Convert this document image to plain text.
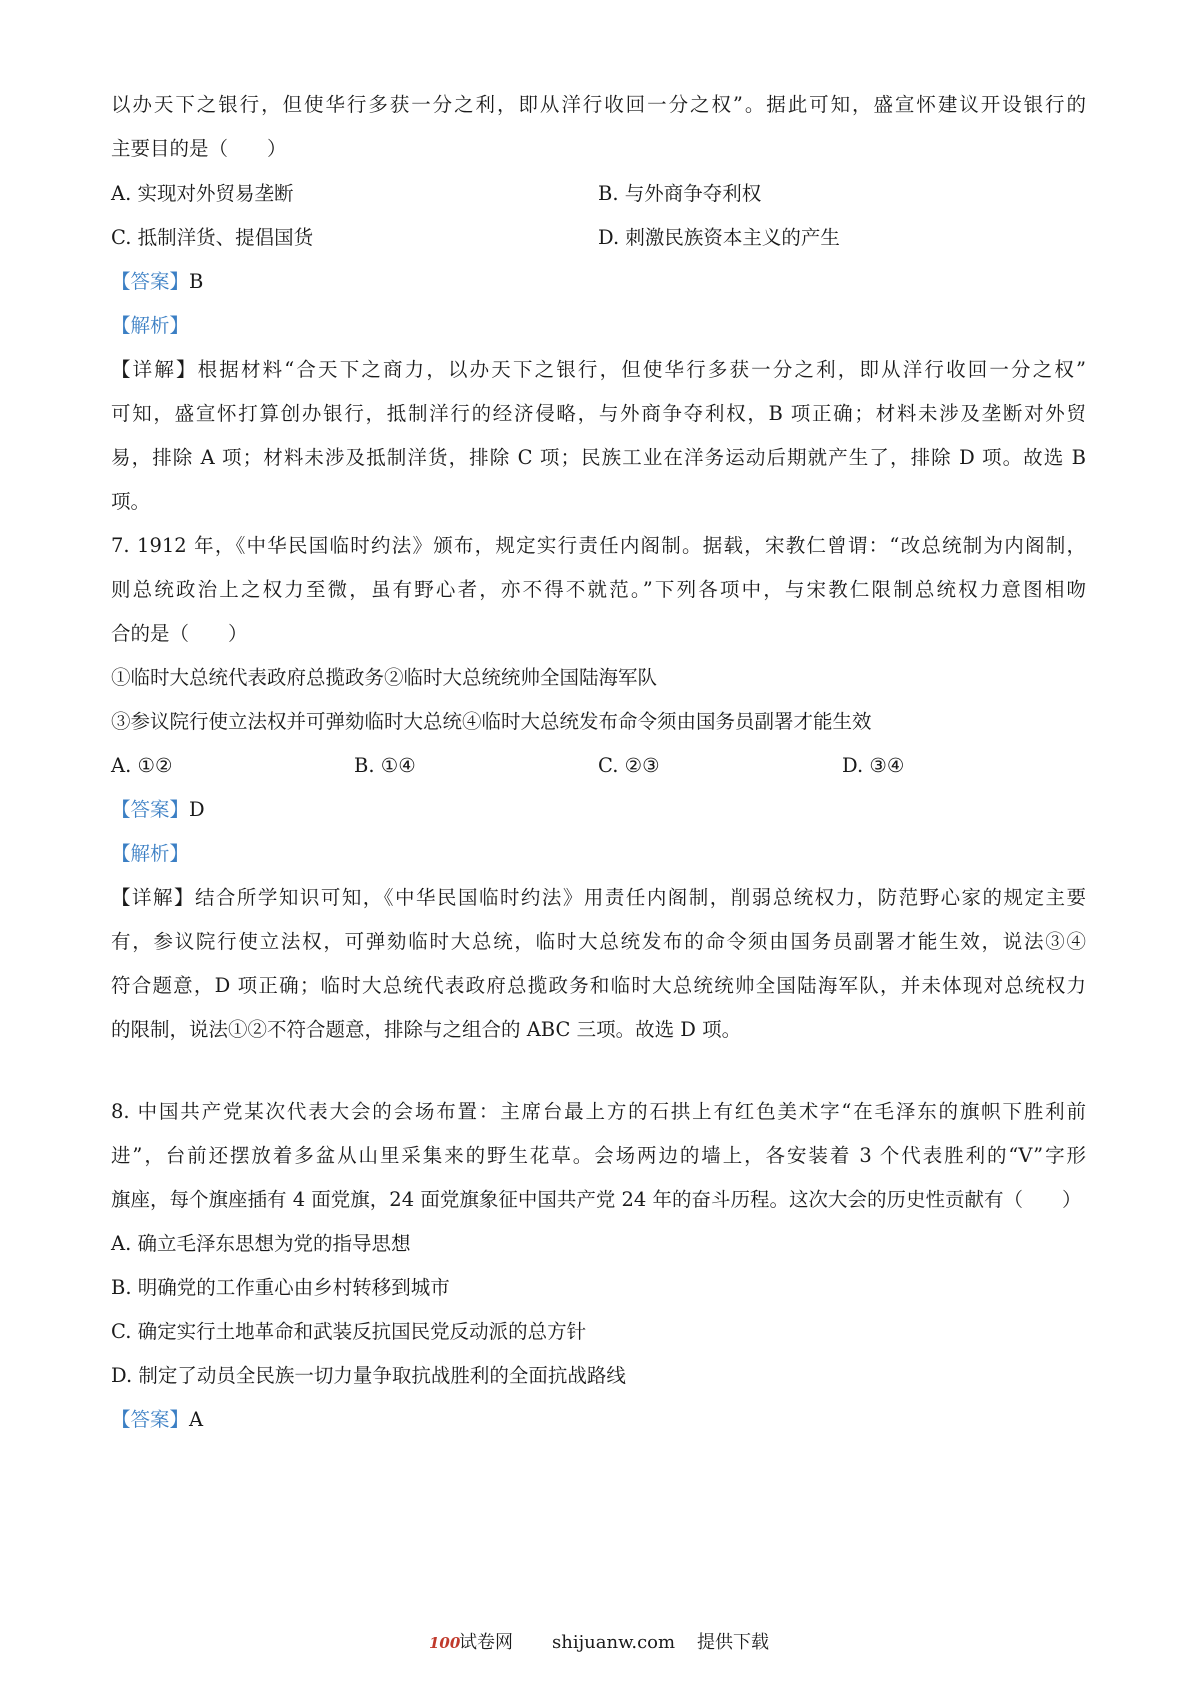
以办天下之银行，但使华行多获一分之利，即从洋行收回一分之权”。据此可知，盛宣怀建议开设银行的
主要目的是（　　）
A. 实现对外贸易垄断	B. 与外商争夺利权
C. 抵制洋货、提倡国货	D. 刺激民族资本主义的产生
【答案】B
【解析】
【详解】根据材料“合天下之商力，以办天下之银行，但使华行多获一分之利，即从洋行收回一分之权”
可知，盛宣怀打算创办银行，抵制洋行的经济侵略，与外商争夺利权，B 项正确；材料未涉及垄断对外贸
易，排除 A 项；材料未涉及抵制洋货，排除 C 项；民族工业在洋务运动后期就产生了，排除 D 项。故选 B
项。
7. 1912 年，《中华民国临时约法》颁布，规定实行责任内阁制。据载，宋教仁曾谓：“改总统制为内阁制，
则总统政治上之权力至微，虽有野心者，亦不得不就范。”下列各项中，与宋教仁限制总统权力意图相吻
合的是（　　）
①临时大总统代表政府总揽政务②临时大总统统帅全国陆海军队
③参议院行使立法权并可弹劾临时大总统④临时大总统发布命令须由国务员副署才能生效
A. ①②	B. ①④	C. ②③	D. ③④
【答案】D
【解析】
【详解】结合所学知识可知，《中华民国临时约法》用责任内阁制，削弱总统权力，防范野心家的规定主要
有，参议院行使立法权，可弹劾临时大总统，临时大总统发布的命令须由国务员副署才能生效，说法③④
符合题意，D 项正确；临时大总统代表政府总揽政务和临时大总统统帅全国陆海军队，并未体现对总统权力
的限制，说法①②不符合题意，排除与之组合的 ABC 三项。故选 D 项。
8. 中国共产党某次代表大会的会场布置：主席台最上方的石拱上有红色美术字“在毛泽东的旗帜下胜利前
进”，台前还摆放着多盆从山里采集来的野生花草。会场两边的墙上，各安装着 3 个代表胜利的“V”字形
旗座，每个旗座插有 4 面党旗，24 面党旗象征中国共产党 24 年的奋斗历程。这次大会的历史性贡献有（　　）
A. 确立毛泽东思想为党的指导思想
B. 明确党的工作重心由乡村转移到城市
C. 确定实行土地革命和武装反抗国民党反动派的总方针
D. 制定了动员全民族一切力量争取抗战胜利的全面抗战路线
【答案】A
100
试卷网 shijuanw.com 提供下载
